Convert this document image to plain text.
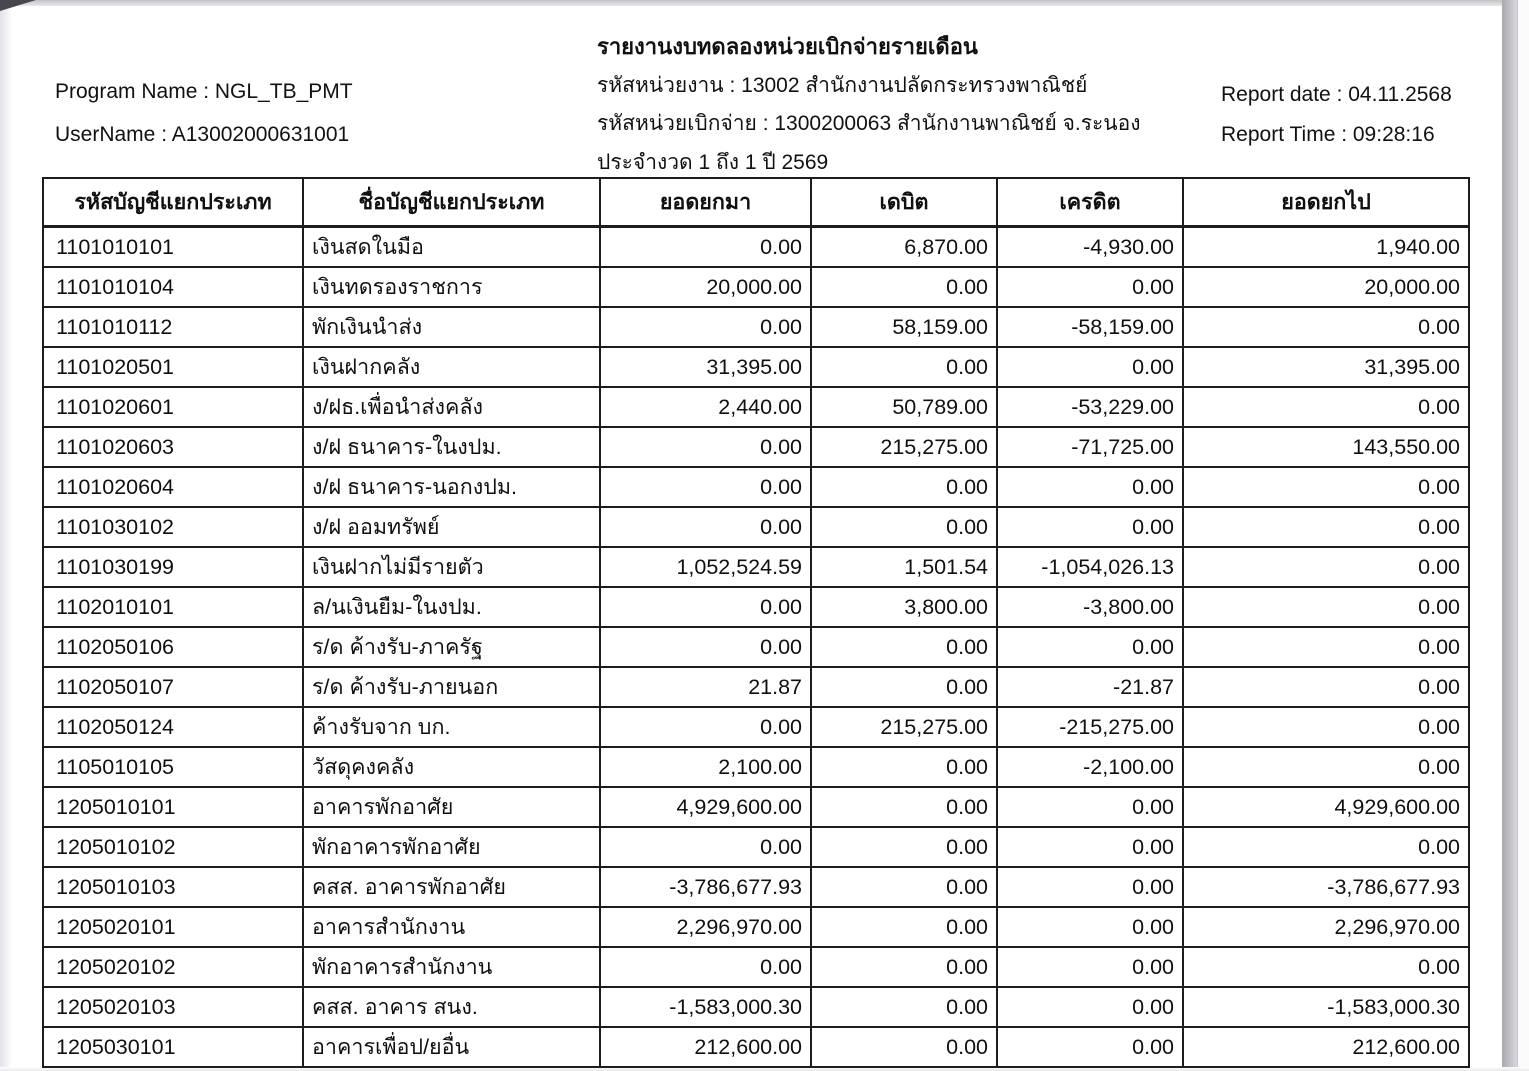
Program Name : NGL_TB_PMT
UserName : A13002000631001
รายงานงบทดลองหน่วยเบิกจ่ายรายเดือน
รหัสหน่วยงาน : 13002 สำนักงานปลัดกระทรวงพาณิชย์
รหัสหน่วยเบิกจ่าย : 1300200063 สำนักงานพาณิชย์ จ.ระนอง
ประจำงวด 1 ถึง 1 ปี 2569
Report date : 04.11.2568
Report Time : 09:28:16
รหัสบัญชีแยกประเภท	ชื่อบัญชีแยกประเภท	ยอดยกมา	เดบิต	เครดิต	ยอดยกไป
1101010101	เงินสดในมือ	0.00	6,870.00	-4,930.00	1,940.00
1101010104	เงินทดรองราชการ	20,000.00	0.00	0.00	20,000.00
1101010112	พักเงินนำส่ง	0.00	58,159.00	-58,159.00	0.00
1101020501	เงินฝากคลัง	31,395.00	0.00	0.00	31,395.00
1101020601	ง/ฝธ.เพื่อนำส่งคลัง	2,440.00	50,789.00	-53,229.00	0.00
1101020603	ง/ฝ ธนาคาร-ในงปม.	0.00	215,275.00	-71,725.00	143,550.00
1101020604	ง/ฝ ธนาคาร-นอกงปม.	0.00	0.00	0.00	0.00
1101030102	ง/ฝ ออมทรัพย์	0.00	0.00	0.00	0.00
1101030199	เงินฝากไม่มีรายตัว	1,052,524.59	1,501.54	-1,054,026.13	0.00
1102010101	ล/นเงินยืม-ในงปม.	0.00	3,800.00	-3,800.00	0.00
1102050106	ร/ด ค้างรับ-ภาครัฐ	0.00	0.00	0.00	0.00
1102050107	ร/ด ค้างรับ-ภายนอก	21.87	0.00	-21.87	0.00
1102050124	ค้างรับจาก บก.	0.00	215,275.00	-215,275.00	0.00
1105010105	วัสดุคงคลัง	2,100.00	0.00	-2,100.00	0.00
1205010101	อาคารพักอาศัย	4,929,600.00	0.00	0.00	4,929,600.00
1205010102	พักอาคารพักอาศัย	0.00	0.00	0.00	0.00
1205010103	คสส. อาคารพักอาศัย	-3,786,677.93	0.00	0.00	-3,786,677.93
1205020101	อาคารสำนักงาน	2,296,970.00	0.00	0.00	2,296,970.00
1205020102	พักอาคารสำนักงาน	0.00	0.00	0.00	0.00
1205020103	คสส. อาคาร สนง.	-1,583,000.30	0.00	0.00	-1,583,000.30
1205030101	อาคารเพื่อป/ยอื่น	212,600.00	0.00	0.00	212,600.00
